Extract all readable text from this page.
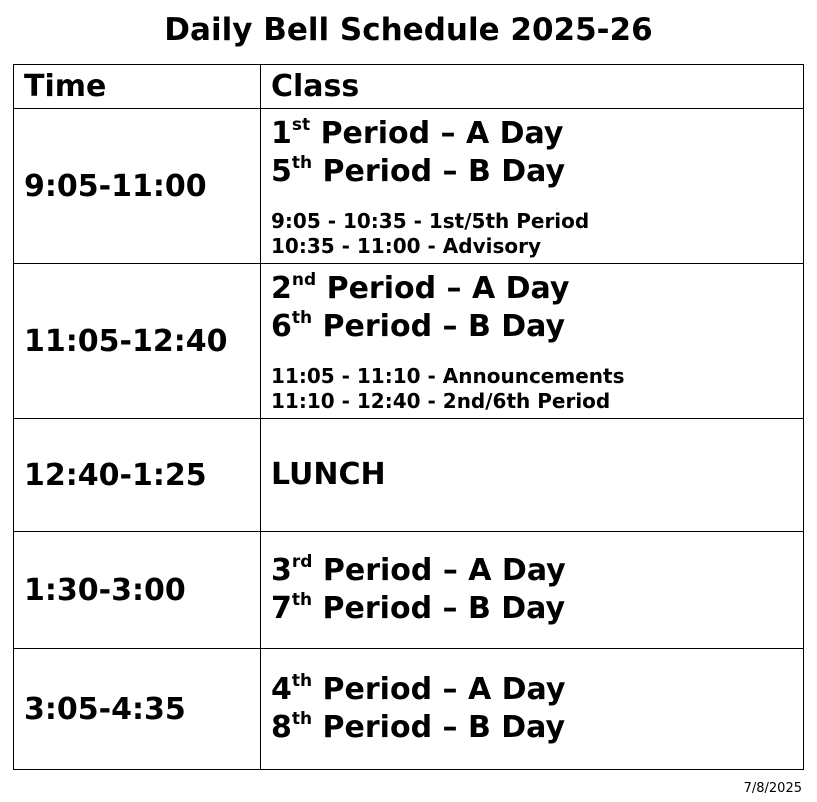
Daily Bell Schedule 2025-26
Time	Class
9:05-11:00	1st Period – A Day
5th Period – B Day
9:05 - 10:35 - 1st/5th Period
10:35 - 11:00 - Advisory

11:05-12:40	2nd Period – A Day
6th Period – B Day
11:05 - 11:10 - Announcements
11:10 - 12:40 - 2nd/6th Period

12:40-1:25	LUNCH

1:30-3:00	3rd Period – A Day
7th Period – B Day

3:05-4:35	4th Period – A Day
8th Period – B Day
7/8/2025
